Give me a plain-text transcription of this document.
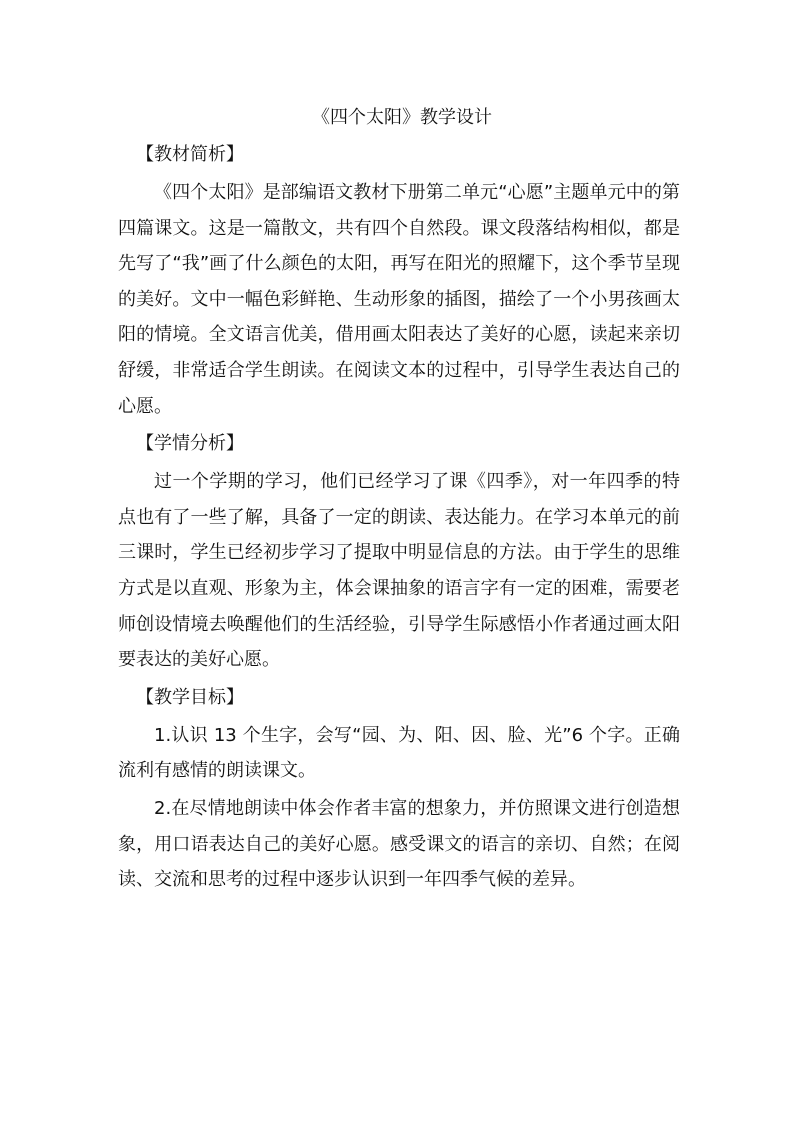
《四个太阳》教学设计
【教材简析】

《四个太阳》是部编语文教材下册第二单元“心愿”主题单元中的第四篇课文。这是一篇散文，共有四个自然段。课文段落结构相似，都是先写了“我”画了什么颜色的太阳，再写在阳光的照耀下，这个季节呈现的美好。文中一幅色彩鲜艳、生动形象的插图，描绘了一个小男孩画太阳的情境。全文语言优美，借用画太阳表达了美好的心愿，读起来亲切舒缓，非常适合学生朗读。在阅读文本的过程中，引导学生表达自己的心愿。

【学情分析】

过一个学期的学习，他们已经学习了课《四季》，对一年四季的特点也有了一些了解，具备了一定的朗读、表达能力。在学习本单元的前三课时，学生已经初步学习了提取中明显信息的方法。由于学生的思维方式是以直观、形象为主，体会课抽象的语言字有一定的困难，需要老师创设情境去唤醒他们的生活经验，引导学生际感悟小作者通过画太阳要表达的美好心愿。

【教学目标】

1.认识 13 个生字，会写“园、为、阳、因、脸、光”6 个字。正确流利有感情的朗读课文。

2.在尽情地朗读中体会作者丰富的想象力，并仿照课文进行创造想象，用口语表达自己的美好心愿。感受课文的语言的亲切、自然；在阅读、交流和思考的过程中逐步认识到一年四季气候的差异。
